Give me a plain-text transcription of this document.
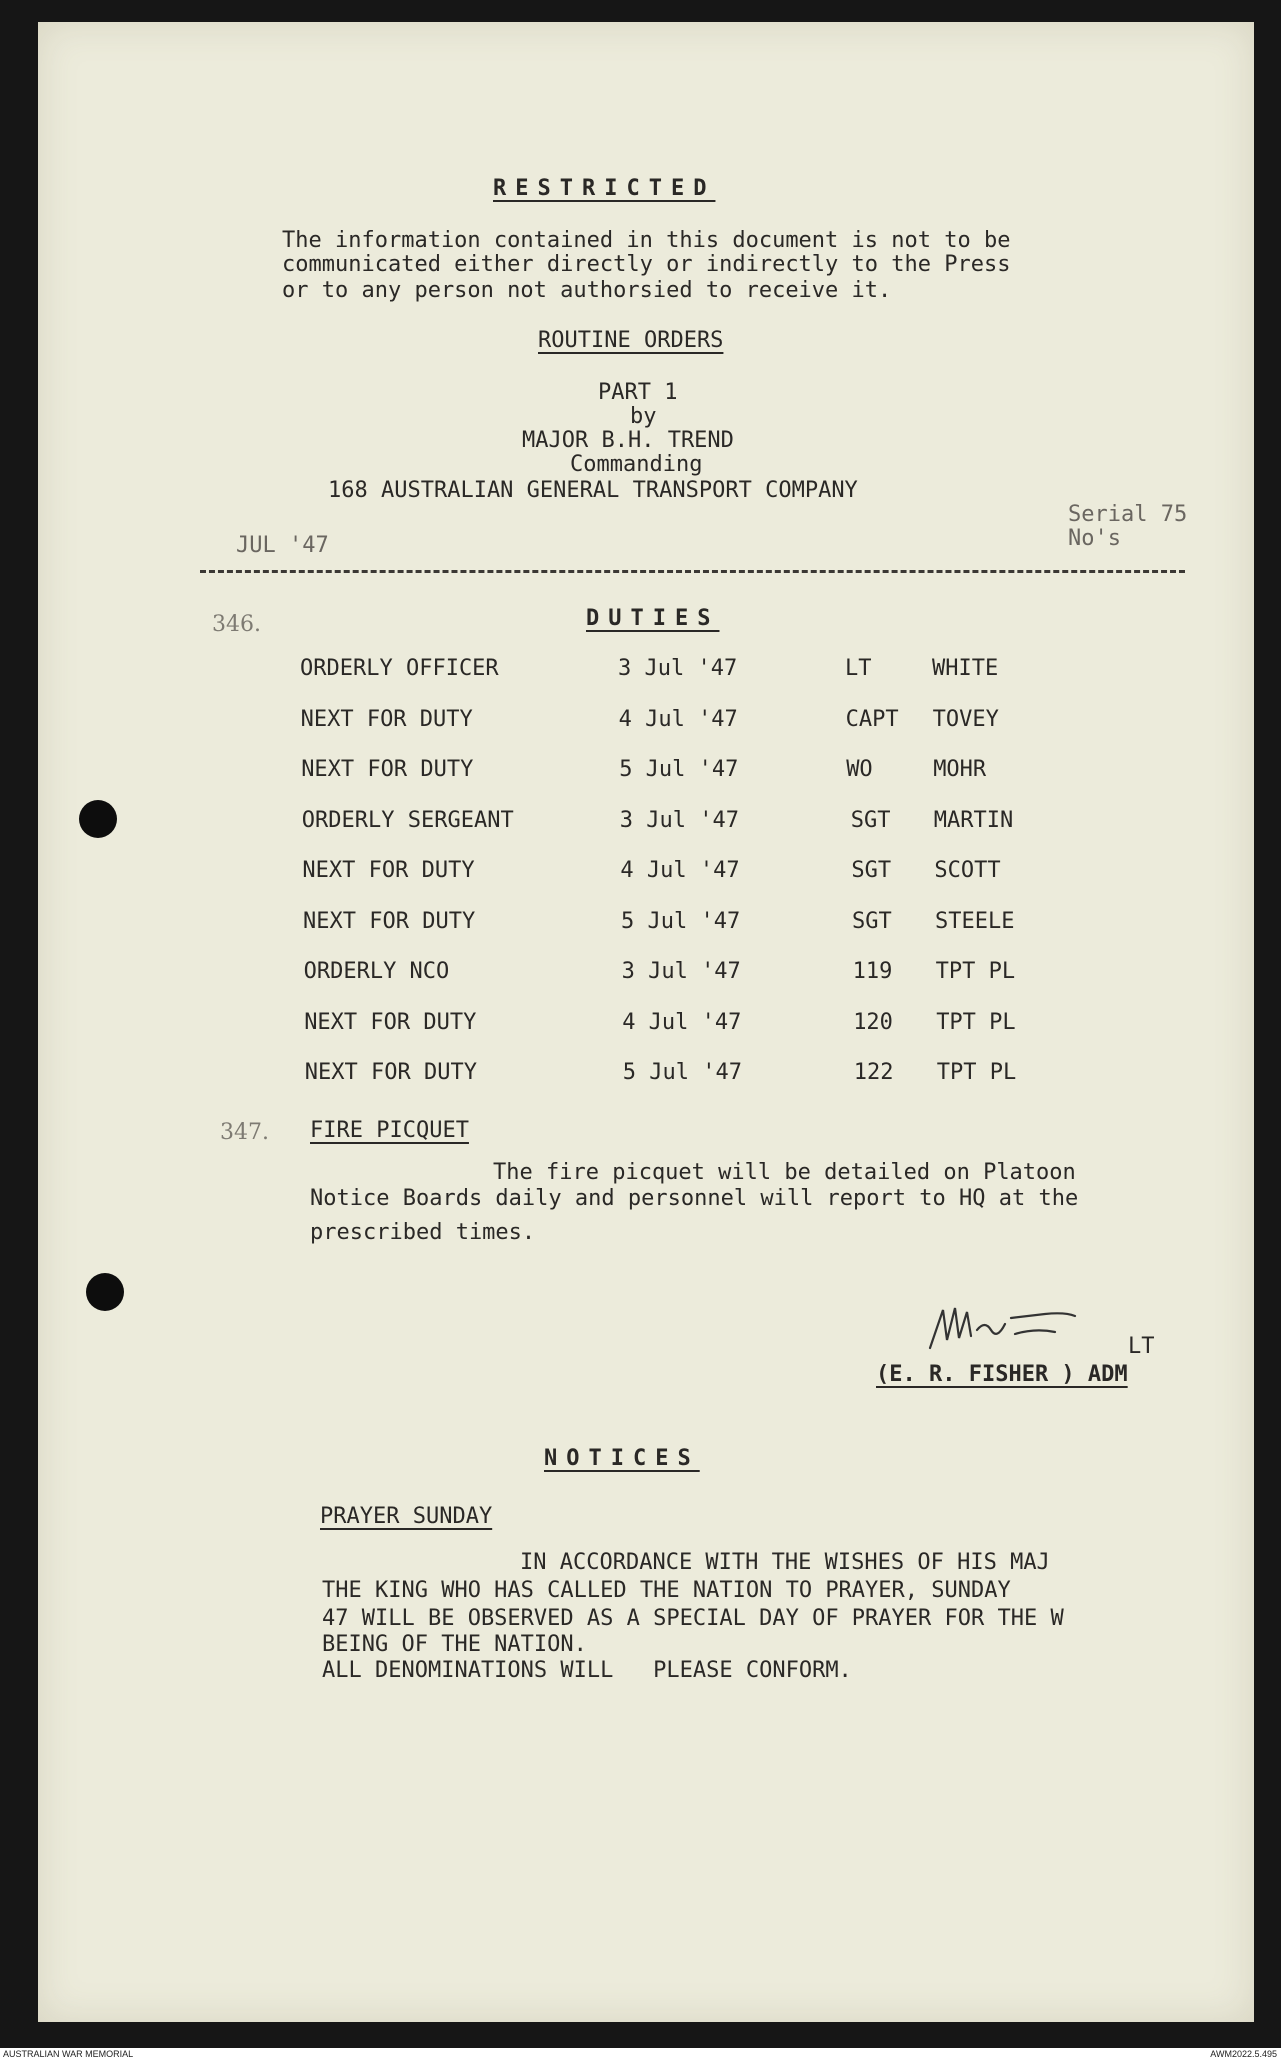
RESTRICTED
The information contained in this document is not to be
communicated either directly or indirectly to the Press
or to any person not authorsied to receive it.
ROUTINE ORDERS
PART 1
by
MAJOR B.H. TREND
Commanding
168 AUSTRALIAN GENERAL TRANSPORT COMPANY
JUL '47
Serial 75
No's
346.	DUTIES
ORDERLY OFFICER	3 Jul '47	LT	WHITE
NEXT FOR DUTY	4 Jul '47	CAPT TOVEY
NEXT FOR DUTY	5 Jul '47	WO	MOHR
ORDERLY SERGEANT	3 Jul '47	SGT MARTIN
NEXT FOR DUTY	4 Jul '47	SGT SCOTT
NEXT FOR DUTY	5 Jul '47	SGT STEELE
ORDERLY NCO	3 Jul '47	119 TPT PL
NEXT FOR DUTY	4 Jul '47	120 TPT PL
NEXT FOR DUTY	5 Jul '47	122 TPT PL
347. FIRE PICQUET
The fire picquet will be detailed on Platoon
Notice Boards daily and personnel will report to HQ at the
prescribed times.
LT
(E. R. FISHER ) ADM
NOTICES
PRAYER SUNDAY
IN ACCORDANCE WITH THE WISHES OF HIS MAJ
THE KING WHO HAS CALLED THE NATION TO PRAYER, SUNDAY
47 WILL BE OBSERVED AS A SPECIAL DAY OF PRAYER FOR THE W
BEING OF THE NATION.
ALL DENOMINATIONS WILL   PLEASE CONFORM.
AUSTRALIAN WAR MEMORIAL	AWM2022.5.495
